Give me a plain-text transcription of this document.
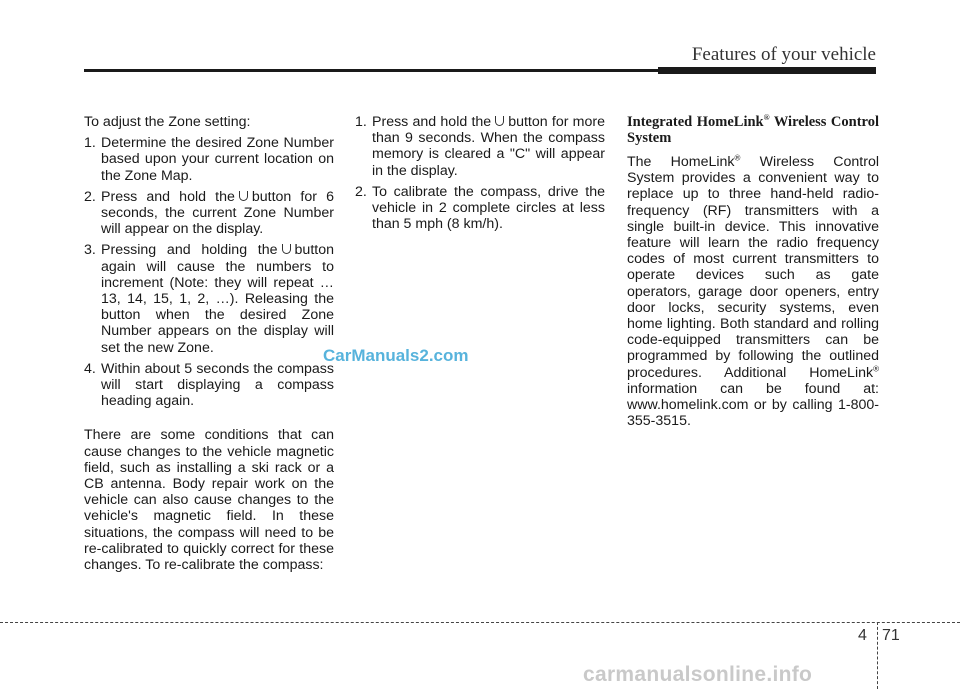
Features of your vehicle

To adjust the Zone setting:

1. Determine the desired Zone Number based upon your current location on the Zone Map.
2. Press and hold the button for 6 seconds, the current Zone Number will appear on the display.
3. Pressing and holding the button again will cause the numbers to increment (Note: they will repeat …13, 14, 15, 1, 2, …). Releasing the button when the desired Zone Number appears on the display will set the new Zone.
4. Within about 5 seconds the compass will start displaying a compass heading again.

There are some conditions that can cause changes to the vehicle magnetic field, such as installing a ski rack or a CB antenna. Body repair work on the vehicle can also cause changes to the vehicle's magnetic field. In these situations, the compass will need to be re-calibrated to quickly correct for these changes. To re-calibrate the compass:

1. Press and hold the button for more than 9 seconds. When the compass memory is cleared a "C" will appear in the display.
2. To calibrate the compass, drive the vehicle in 2 complete circles at less than 5 mph (8 km/h).
Integrated HomeLink® Wireless Control System

The HomeLink® Wireless Control System provides a convenient way to replace up to three hand-held radio-frequency (RF) transmitters with a single built-in device. This innovative feature will learn the radio frequency codes of most current transmitters to operate devices such as gate operators, garage door openers, entry door locks, security systems, even home lighting. Both standard and rolling code-equipped transmitters can be programmed by following the outlined procedures. Additional HomeLink® information can be found at: www.homelink.com or by calling 1-800-355-3515.

CarManuals2.com
4 71
carmanualsonline.info
